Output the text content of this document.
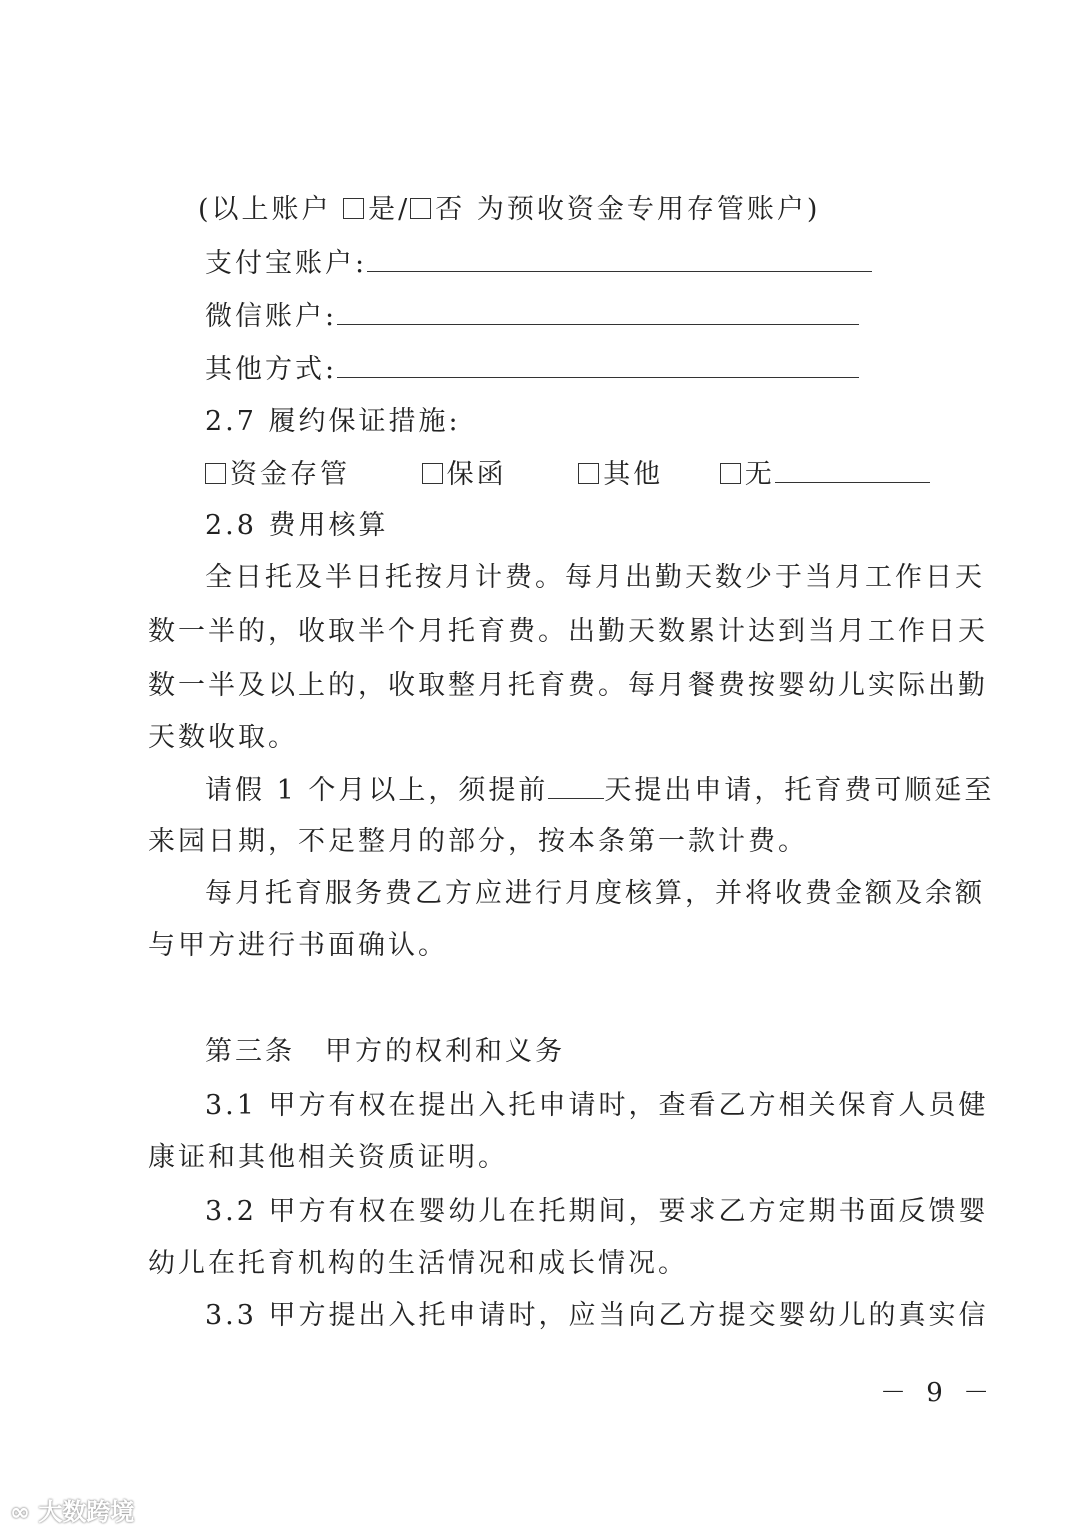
(以上账户 是/ 否 为预收资金专用存管账户)
支付宝账户:
微信账户:
其他方式:
2.7 履约保证措施:
资金存管	保函	其他	无
2.8 费用核算
全日托及半日托按月计费。每月出勤天数少于当月工作日天
数一半的，收取半个月托育费。出勤天数累计达到当月工作日天
数一半及以上的，收取整月托育费。每月餐费按婴幼儿实际出勤
天数收取。
请假 1 个月以上，须提前 天提出申请，托育费可顺延至
来园日期，不足整月的部分，按本条第一款计费。
每月托育服务费乙方应进行月度核算，并将收费金额及余额
与甲方进行书面确认。
第三条　甲方的权利和义务
3.1 甲方有权在提出入托申请时，查看乙方相关保育人员健
康证和其他相关资质证明。
3.2 甲方有权在婴幼儿在托期间，要求乙方定期书面反馈婴
幼儿在托育机构的生活情况和成长情况。
3.3 甲方提出入托申请时，应当向乙方提交婴幼儿的真实信
－ 9 －
∞ 大数跨境
